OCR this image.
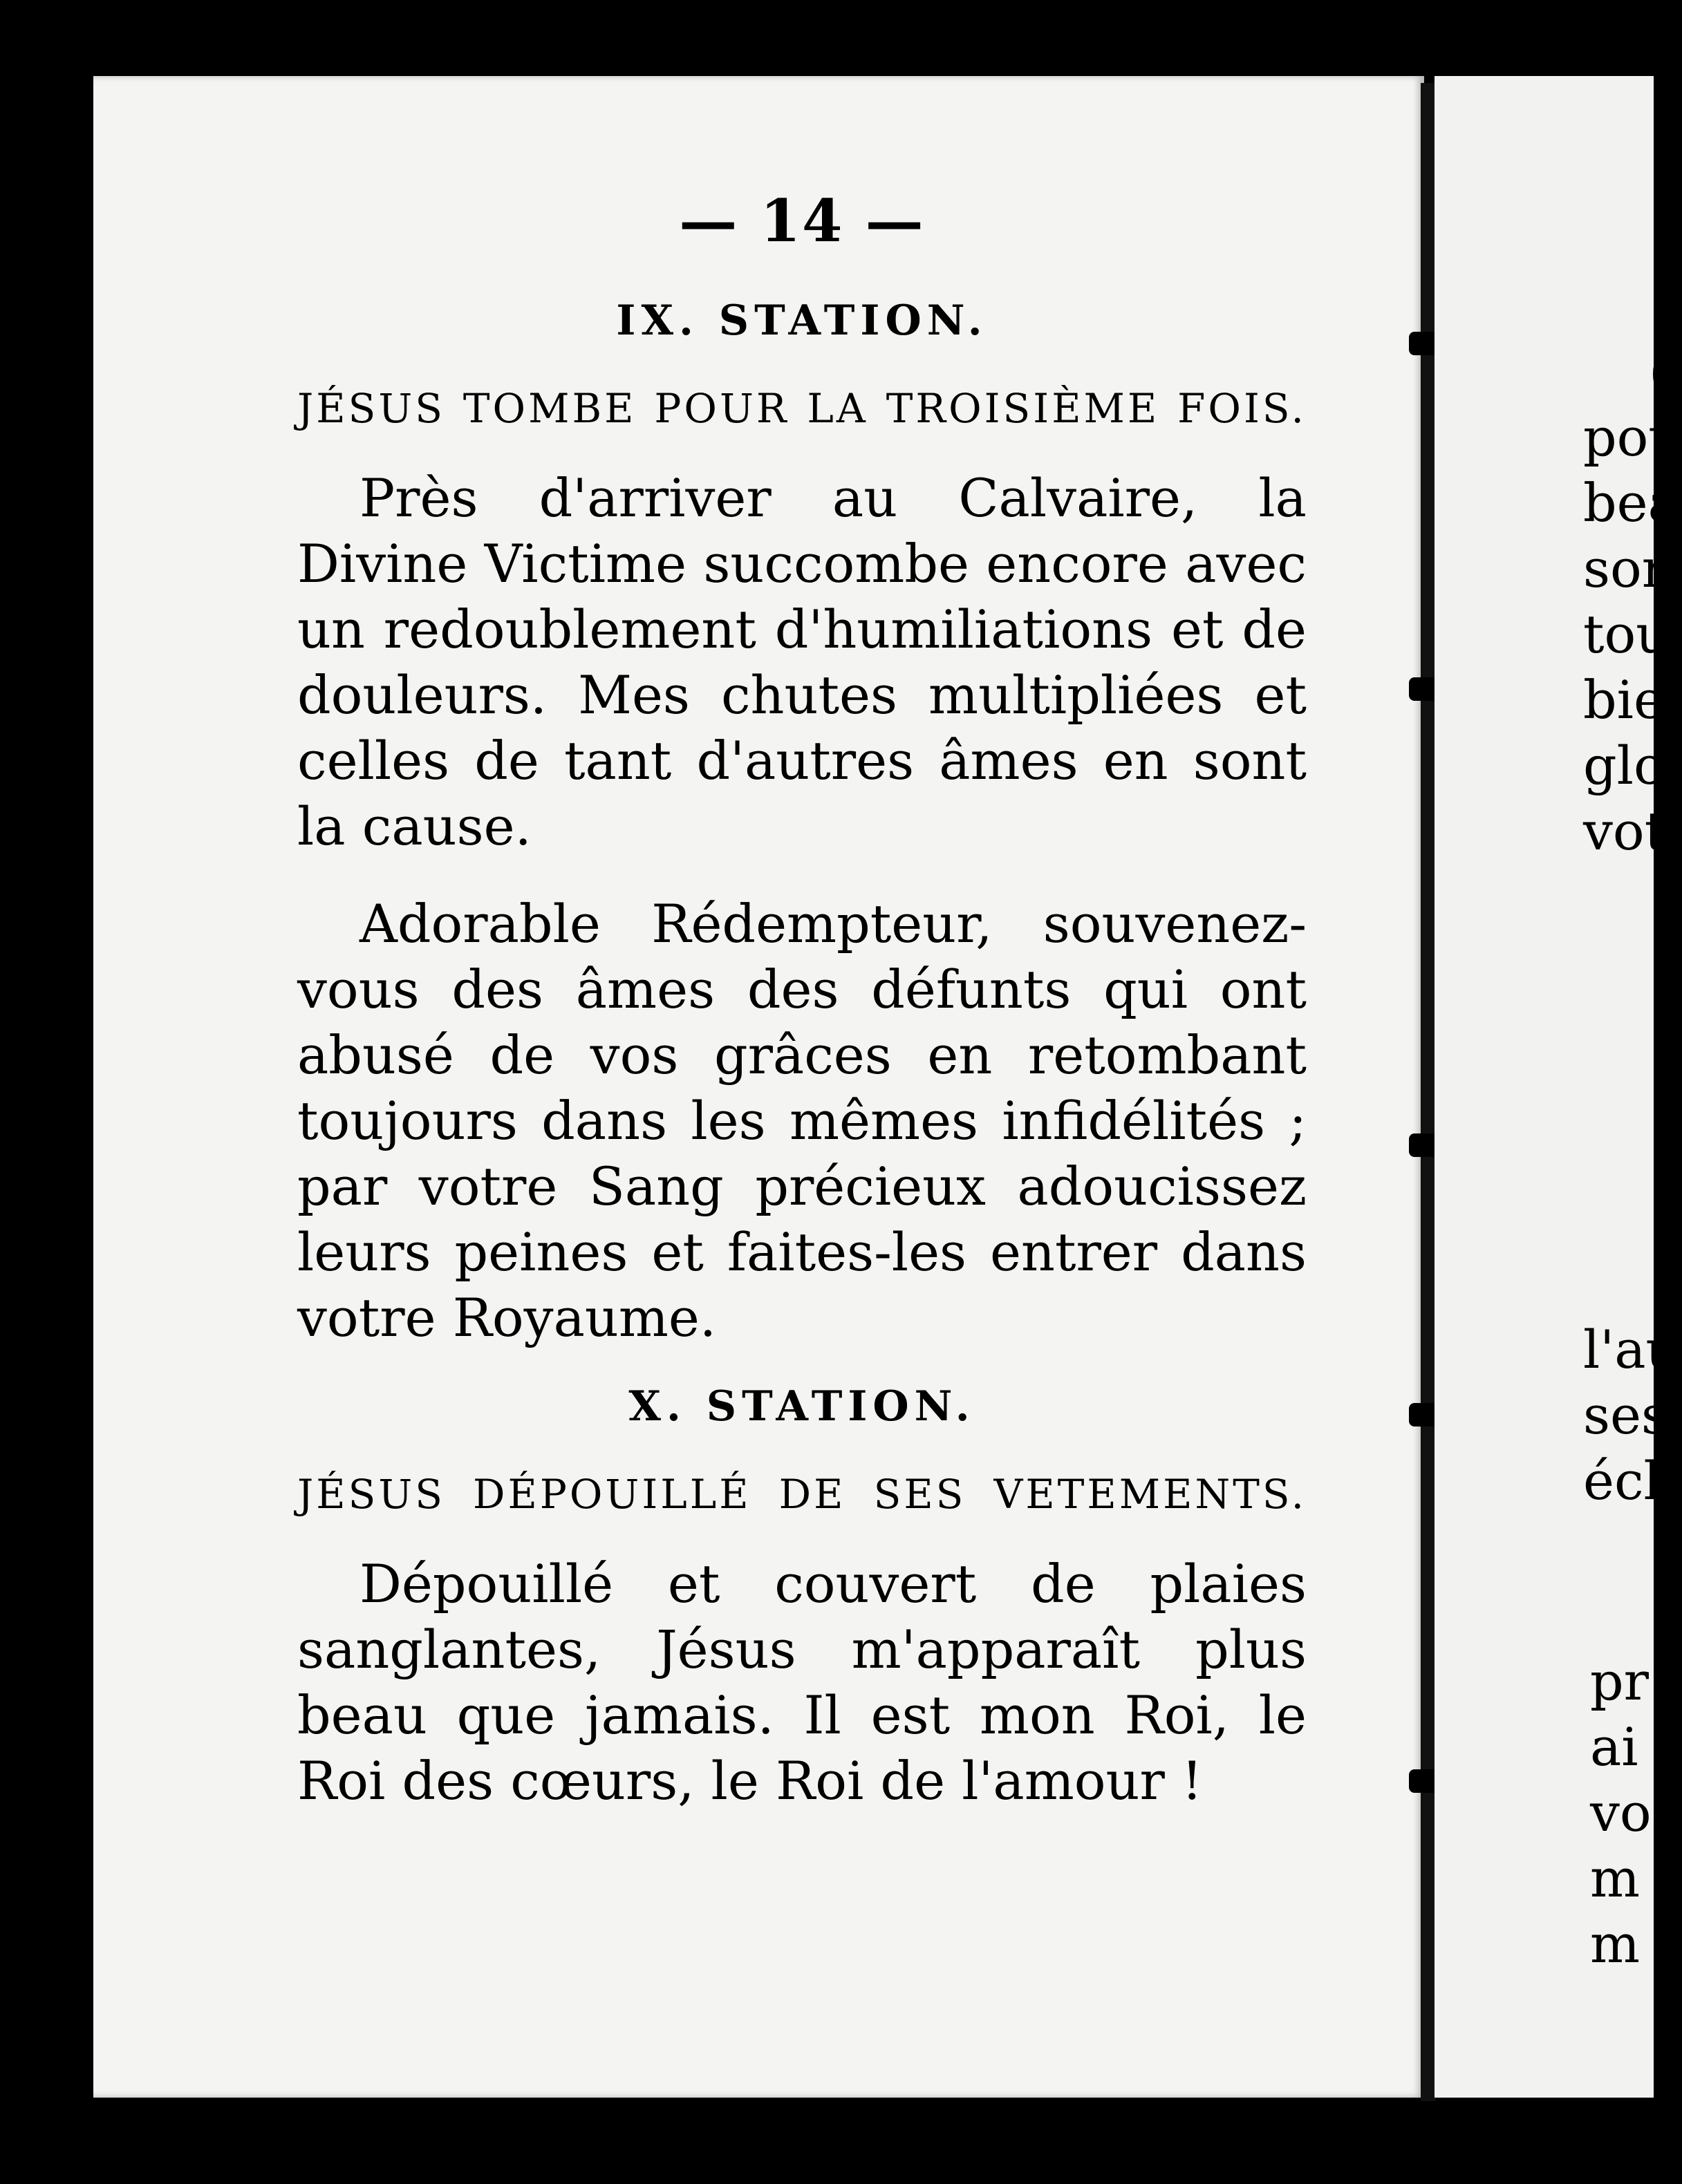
(
pou
bea
sor
tou
bie
glo
vot
l'au
ses
écl
pr
ai
vo
m
m
— 14 —
IX. STATION.
JÉSUS TOMBE POUR LA TROISIÈME FOIS.

Près d'arriver au Calvaire, la Divine Victime succombe encore avec un redoublement d'humiliations et de douleurs. Mes chutes multipliées et celles de tant d'autres âmes en sont la cause.

Adorable Rédempteur, souvenez-vous des âmes des défunts qui ont abusé de vos grâces en retombant toujours dans les mêmes infidélités ; par votre Sang précieux adoucissez leurs peines et faites-les entrer dans votre Royaume.

X. STATION.
JÉSUS DÉPOUILLÉ DE SES VETEMENTS.

Dépouillé et couvert de plaies sanglantes, Jésus m'apparaît plus beau que jamais. Il est mon Roi, le Roi des cœurs, le Roi de l'amour !
